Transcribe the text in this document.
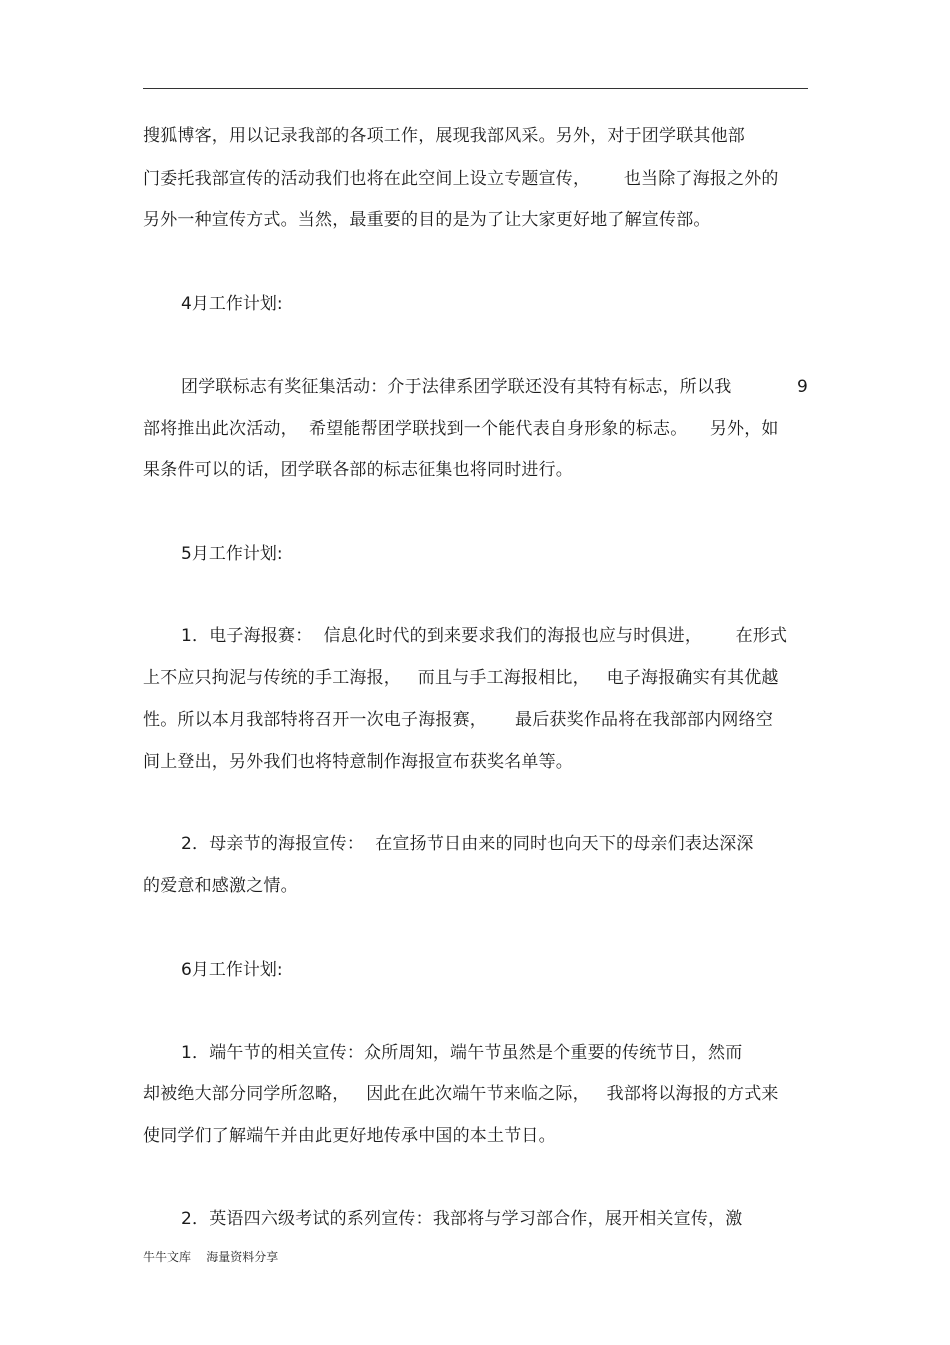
搜狐博客，用以记录我部的各项工作，展现我部风采。另外，对于团学联其他部
门委托我部宣传的活动我们也将在此空间上设立专题宣传，      也当除了海报之外的
另外一种宣传方式。当然，最重要的目的是为了让大家更好地了解宣传部。
4月工作计划:
团学联标志有奖征集活动：介于法律系团学联还没有其特有标志，所以我	9
部将推出此次活动，  希望能帮团学联找到一个能代表自身形象的标志。    另外，如
果条件可以的话，团学联各部的标志征集也将同时进行。
5月工作计划:
1．电子海报赛：  信息化时代的到来要求我们的海报也应与时俱进，      在形式
上不应只拘泥与传统的手工海报，   而且与手工海报相比，   电子海报确实有其优越
性。所以本月我部特将召开一次电子海报赛，     最后获奖作品将在我部部内网络空
间上登出，另外我们也将特意制作海报宣布获奖名单等。
2．母亲节的海报宣传：  在宣扬节日由来的同时也向天下的母亲们表达深深
的爱意和感激之情。
6月工作计划:
1．端午节的相关宣传：众所周知，端午节虽然是个重要的传统节日，然而
却被绝大部分同学所忽略，   因此在此次端午节来临之际，   我部将以海报的方式来
使同学们了解端午并由此更好地传承中国的本土节日。
2．英语四六级考试的系列宣传：我部将与学习部合作，展开相关宣传，激
牛牛文库    海量资料分享
